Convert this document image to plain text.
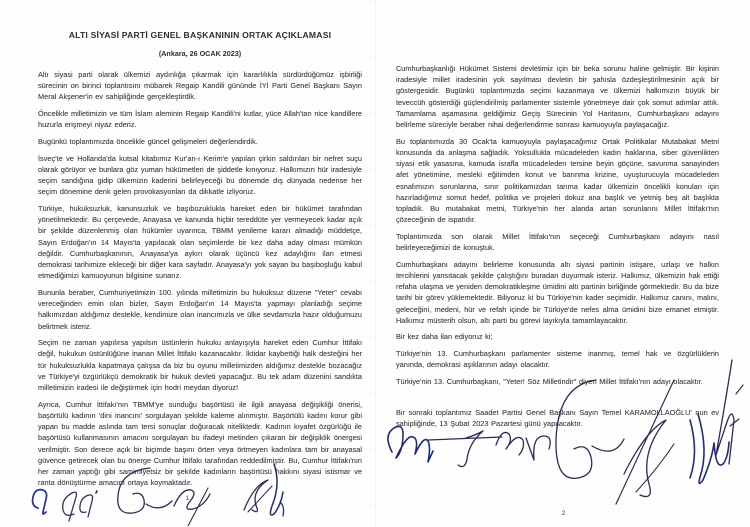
ALTI SİYASİ PARTİ GENEL BAŞKANININ ORTAK AÇIKLAMASI
(Ankara, 26 OCAK 2023)

Altı siyasi parti olarak ülkemizi aydınlığa çıkarmak için kararlılıkla sürdürdüğümüz işbirliği sürecinin on birinci toplantısını mübarek Regaip Kandili gününde İYİ Parti Genel Başkanı Sayın Meral Akşener'in ev sahipliğinde gerçekleştirdik.

Öncelikle milletimizin ve tüm İslam aleminin Regaip Kandili'ni kutlar, yüce Allah'tan nice kandillere huzurla erişmeyi niyaz ederiz.

Bugünkü toplantımızda öncelikle güncel gelişmeleri değerlendirdik.

İsveç'te ve Hollanda'da kutsal kitabımız Kur'an-ı Kerim'e yapılan çirkin saldırıları bir nefret suçu olarak görüyor ve bunlara göz yuman hükümetleri de şiddetle kınıyoruz. Halkımızın hür iradesiyle seçim sandığına gidip ülkemizin kaderini belirleyeceği bu dönemde dış dünyada nedense her seçim dönemine denk gelen provokasyonları da dikkatle izliyoruz.

Türkiye, hukuksuzluk, kanunsuzluk ve başıbozuklukla hareket eden bir hükümet tarafından yönetilmektedir. Bu çerçevede, Anayasa ve kanunda hiçbir tereddüte yer vermeyecek kadar açık bir şekilde düzenlenmiş olan hükümler uyarınca, TBMM yenileme kararı almadığı müddetçe, Sayın Erdoğan'ın 14 Mayıs'ta yapılacak olan seçimlerde bir kez daha aday olması mümkün değildir. Cumhurbaşkanının, Anayasa'ya aykırı olarak üçüncü kez adaylığını ilan etmesi demokrasi tarihimize ekleceği bir diğer kara sayfadır. Anayasa'yı yok sayan bu başıboşluğu kabul etmediğimizi kamuoyunun bilgisine sunarız.

Bununla beraber, Cumhuriyetimizin 100. yılında milletimizin bu hukuksuz düzene "Yeter" cevabı vereceğinden emin olan bizler, Sayın Erdoğan'ın 14 Mayıs'ta yapmayı planladığı seçime halkımızdan aldığımız destekle, kendimize olan inancımızla ve ülke sevdamızla hazır olduğumuzu belirtmek isteriz.

Seçim ne zaman yapılırsa yapılsın üstünlerin hukuku anlayışıyla hareket eden Cumhur İttifakı değil, hukukun üstünlüğüne inanan Millet İttifakı kazanacaktır. İktidar kaybettiği halk desteğini her tür hukuksuzlukla kapatmaya çalışsa da biz bu oyunu milletimizden aldığımız destekle bozacağız ve Türkiye'yi özgürlükçü demokratik bir hukuk devleti yapacağız. Bu tek adam düzenini sandıkta milletimizin iradesi ile değiştirmek için hodri meydan diyoruz!

Ayrıca, Cumhur İttifakı'nın TBMM'ye sunduğu başörtüsü ile ilgili anayasa değişikliği önerisi, başörtülü kadının 'dini inancını' sorgulayan şekilde kaleme alınmıştır. Başörtülü kadını korur gibi yapan bu madde aslında tam tersi sonuçlar doğuracak niteliktedir. Kadının kıyafet özgürlüğü ile başörtüsü kullanmasının amacını sorgulayan bu ifadeyi metinden çıkaran bir değişiklik önergesi verilmiştir. Son derece açık bir biçimde başını örten veya örtmeyen kadınlara tam bir anayasal güvence getirecek olan bu önerge Cumhur İttifakı tarafından reddedilmiştir. Bu, Cumhur İttifakı'nın her zaman yaptığı gibi samimiyetsiz bir şekilde kadınların başörtüsü hakkını siyasi istismar ve ranta dönüştürme amacını ortaya koymaktadır.

1

Cumhurbaşkanlığı Hükümet Sistemi devletimiz için bir beka sorunu haline gelmiştir. Bir kişinin iradesiyle millet iradesinin yok sayılması devletin bir şahısla özdeşleştirilmesinin açık bir göstergesidir. Bugünkü toplantımızda seçimi kazanmaya ve ülkemizi halkımızın büyük bir teveccüh gösterdiği güçlendirilmiş parlamenter sistemle yönetmeye dair çok somut adımlar attık. Tamamlama aşamasına geldiğimiz Geçiş Sürecinin Yol Haritasını, Cumhurbaşkanı adayını belirleme süreciyle beraber nihai değerlendirme sonrası kamuoyuyla paylaşacağız.

Bu toplantımızda 30 Ocak'ta kamuoyuyla paylaşacağımız Ortak Politikalar Mutabakat Metni konusunda da anlaşma sağladık. Yoksullukla mücadeleden kadın haklarına, siber güvenlikten siyasi etik yasasına, kamuda israfla mücadeleden tersine beyin göçüne, savunma sanayinden afet yönetimine, mesleki eğitimden konut ve barınma krizine, uyuşturucuyla mücadeleden esnafımızın sorunlarına, sınır politikamızdan tarıma kadar ülkemizin öncelikli konuları için hazırladığımız somut hedef, politika ve projeleri dokuz ana başlık ve yetmiş beş alt başlıkta topladık. Bu mutabakat metni, Türkiye'nin her alanda artan sorunlarını Millet İttifakı'nın çözeceğinin de ispatıdır.

Toplantımızda son olarak Millet İttifakı'nın seçeceği Cumhurbaşkanı adayını nasıl belirleyeceğimizi de konuştuk.

Cumhurbaşkanı adayını belirleme konusunda altı siyasi partinin istişare, uzlaşı ve halkın tercihlerini yansıtacak şekilde çalıştığını buradan duyurmak isteriz. Halkımız, ülkemizin hak ettiği refaha ulaşma ve yeniden demokratikleşme ümidini altı partinin birliğinde görmektedir. Bu da bize tarihi bir görev yüklemektedir. Biliyoruz ki bu Türkiye'nin kader seçimidir. Halkımız canını, malını, geleceğini, medeni, hür ve refah içinde bir Türkiye'de nefes alma ümidini bize emanet etmiştir. Halkımız müsterih olsun, altı parti bu görevi layıkıyla tamamlayacaktır.

Bir kez daha ilan ediyoruz ki;

Türkiye'nin 13. Cumhurbaşkanı parlamenter sisteme inanmış, temel hak ve özgürlüklerin yanında, demokrasi aşıklarının adayı olacaktır.

Türkiye'nin 13. Cumhurbaşkanı, "Yeter! Söz Milletindir" diyen Millet İttifakı'nın adayı olacaktır.

Bir sonraki toplantımız Saadet Partisi Genel Başkanı Sayın Temel KARAMOLLAOĞLU' nun ev sahipliğinde, 13 Şubat 2023 Pazartesi günü yapılacaktır.

2
